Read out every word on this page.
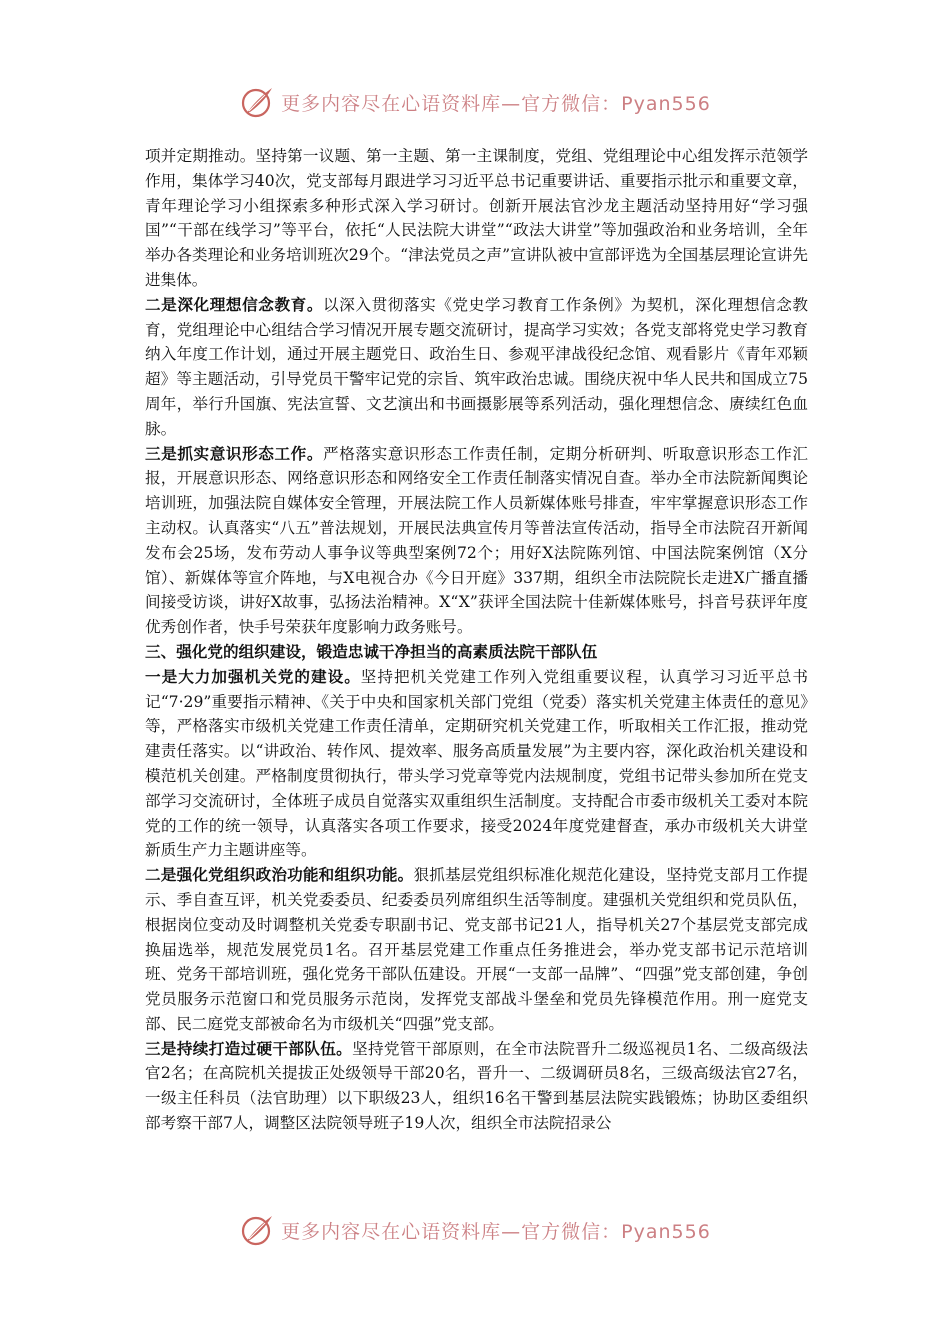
更多内容尽在心语资料库—官方微信：Pyan556

项并定期推动。坚持第一议题、第一主题、第一主课制度，党组、党组理论中心组发挥示范领学作用，集体学习40次，党支部每月跟进学习习近平总书记重要讲话、重要指示批示和重要文章，青年理论学习小组探索多种形式深入学习研讨。创新开展法官沙龙主题活动坚持用好“学习强国”“干部在线学习”等平台，依托“人民法院大讲堂”“政法大讲堂”等加强政治和业务培训，全年举办各类理论和业务培训班次29个。“津法党员之声”宣讲队被中宣部评选为全国基层理论宣讲先进集体。

二是深化理想信念教育。以深入贯彻落实《党史学习教育工作条例》为契机，深化理想信念教育，党组理论中心组结合学习情况开展专题交流研讨，提高学习实效；各党支部将党史学习教育纳入年度工作计划，通过开展主题党日、政治生日、参观平津战役纪念馆、观看影片《青年邓颖超》等主题活动，引导党员干警牢记党的宗旨、筑牢政治忠诚。围绕庆祝中华人民共和国成立75周年，举行升国旗、宪法宣誓、文艺演出和书画摄影展等系列活动，强化理想信念、赓续红色血脉。

三是抓实意识形态工作。严格落实意识形态工作责任制，定期分析研判、听取意识形态工作汇报，开展意识形态、网络意识形态和网络安全工作责任制落实情况自查。举办全市法院新闻舆论培训班，加强法院自媒体安全管理，开展法院工作人员新媒体账号排查，牢牢掌握意识形态工作主动权。认真落实“八五”普法规划，开展民法典宣传月等普法宣传活动，指导全市法院召开新闻发布会25场，发布劳动人事争议等典型案例72个；用好X法院陈列馆、中国法院案例馆（X分馆）、新媒体等宣介阵地，与X电视合办《今日开庭》337期，组织全市法院院长走进X广播直播间接受访谈，讲好X故事，弘扬法治精神。X“X”获评全国法院十佳新媒体账号，抖音号获评年度优秀创作者，快手号荣获年度影响力政务账号。

三、强化党的组织建设，锻造忠诚干净担当的高素质法院干部队伍

一是大力加强机关党的建设。坚持把机关党建工作列入党组重要议程，认真学习习近平总书记“7·29”重要指示精神、《关于中央和国家机关部门党组（党委）落实机关党建主体责任的意见》等，严格落实市级机关党建工作责任清单，定期研究机关党建工作，听取相关工作汇报，推动党建责任落实。以“讲政治、转作风、提效率、服务高质量发展”为主要内容，深化政治机关建设和模范机关创建。严格制度贯彻执行，带头学习党章等党内法规制度，党组书记带头参加所在党支部学习交流研讨，全体班子成员自觉落实双重组织生活制度。支持配合市委市级机关工委对本院党的工作的统一领导，认真落实各项工作要求，接受2024年度党建督查，承办市级机关大讲堂新质生产力主题讲座等。

二是强化党组织政治功能和组织功能。狠抓基层党组织标准化规范化建设，坚持党支部月工作提示、季自查互评，机关党委委员、纪委委员列席组织生活等制度。建强机关党组织和党员队伍，根据岗位变动及时调整机关党委专职副书记、党支部书记21人，指导机关27个基层党支部完成换届选举，规范发展党员1名。召开基层党建工作重点任务推进会，举办党支部书记示范培训班、党务干部培训班，强化党务干部队伍建设。开展“一支部一品牌”、“四强”党支部创建，争创党员服务示范窗口和党员服务示范岗，发挥党支部战斗堡垒和党员先锋模范作用。刑一庭党支部、民二庭党支部被命名为市级机关“四强”党支部。

三是持续打造过硬干部队伍。坚持党管干部原则，在全市法院晋升二级巡视员1名、二级高级法官2名；在高院机关提拔正处级领导干部20名，晋升一、二级调研员8名，三级高级法官27名，一级主任科员（法官助理）以下职级23人，组织16名干警到基层法院实践锻炼；协助区委组织部考察干部7人，调整区法院领导班子19人次，组织全市法院招录公

更多内容尽在心语资料库—官方微信：Pyan556
